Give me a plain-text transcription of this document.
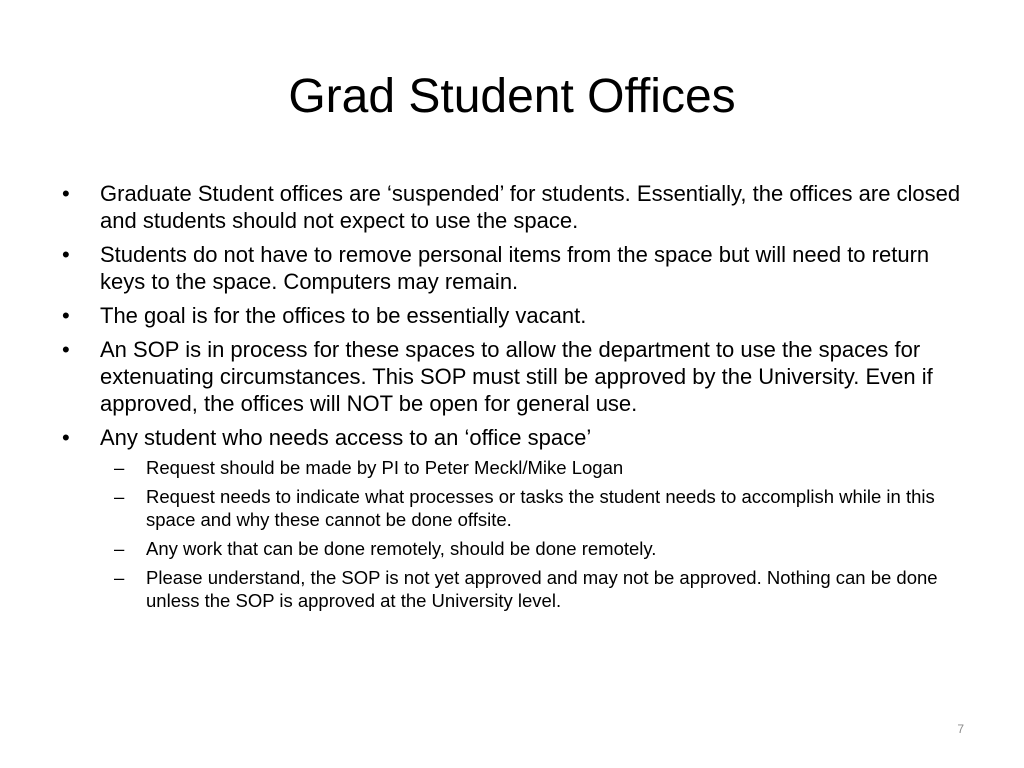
Grad Student Offices
•	Graduate Student offices are ‘suspended’ for students. Essentially, the offices are closed and students should not expect to use the space.
•	Students do not have to remove personal items from the space but will need to return keys to the space. Computers may remain.
•	The goal is for the offices to be essentially vacant.
•	An SOP is in process for these spaces to allow the department to use the spaces for extenuating circumstances. This SOP must still be approved by the University. Even if approved, the offices will NOT be open for general use.
•	Any student who needs access to an ‘office space’
–	Request should be made by PI to Peter Meckl/Mike Logan
–	Request needs to indicate what processes or tasks the student needs to accomplish while in this space and why these cannot be done offsite.
–	Any work that can be done remotely, should be done remotely.
–	Please understand, the SOP is not yet approved and may not be approved. Nothing can be done unless the SOP is approved at the University level.
7
